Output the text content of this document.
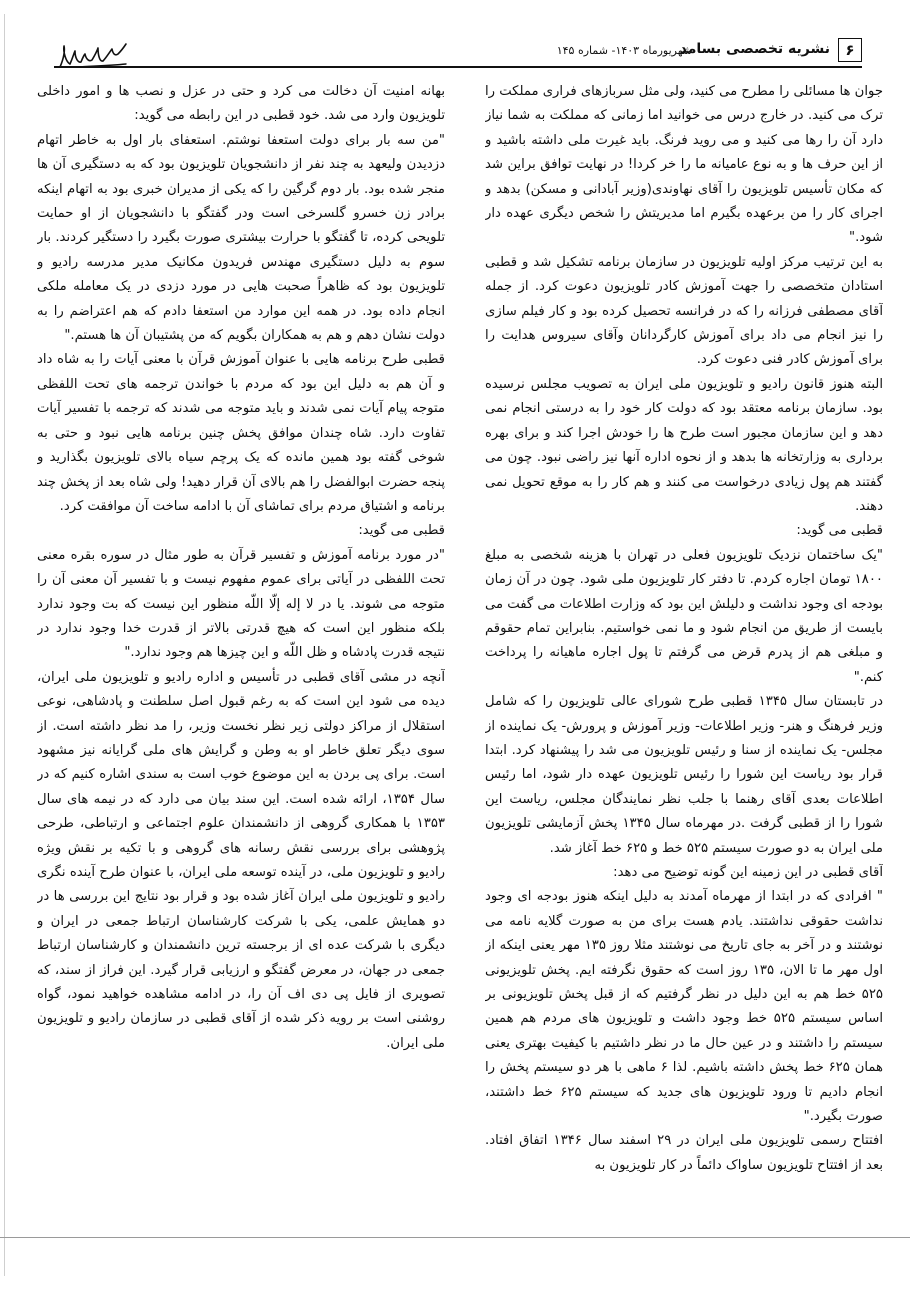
۶
نشریه تخصصی بسامد
شهریورماه ۱۴۰۳- شماره ۱۴۵
جوان ها مسائلی را مطرح می کنید، ولی مثل سربازهای فراری مملکت را ترک می کنید. در خارج درس می خوانید اما زمانی که مملکت به شما نیاز دارد آن را رها می کنید و می روید فرنگ. باید غیرت ملی داشته باشید و از این حرف ها و به نوع عامیانه ما را خر کردا! در نهایت توافق براین شد که مکان تأسیس تلویزیون را آقای نهاوندی(وزیر آبادانی و مسکن) بدهد و اجرای کار را من برعهده بگیرم اما مدیریتش را شخص دیگری عهده دار شود."
به این ترتیب مرکز اولیه تلویزیون در سازمان برنامه تشکیل شد و قطبی استادان متخصصی را جهت آموزش کادر تلویزیون دعوت کرد. از جمله آقای مصطفی فرزانه را که در فرانسه تحصیل کرده بود و کار فیلم سازی را نیز انجام می داد برای آموزش کارگردانان وآقای سیروس هدایت را برای آموزش کادر فنی دعوت کرد.
البته هنوز قانون رادیو و تلویزیون ملی ایران به تصویب مجلس نرسیده بود. سازمان برنامه معتقد بود که دولت کار خود را به درستی انجام نمی دهد و این سازمان مجبور است طرح ها را خودش اجرا کند و برای بهره برداری به وزارتخانه ها بدهد و از نحوه اداره آنها نیز راضی نبود. چون می گفتند هم پول زیادی درخواست می کنند و هم کار را به موقع تحویل نمی دهند.
قطبی می گوید:
"یک ساختمان نزدیک تلویزیون فعلی در تهران با هزینه شخصی به مبلغ ۱۸۰۰ تومان اجاره کردم. تا دفتر کار تلویزیون ملی شود. چون در آن زمان بودجه ای وجود نداشت و دلیلش این بود که وزارت اطلاعات می گفت می بایست از طریق من انجام شود و ما نمی خواستیم. بنابراین تمام حقوقم و مبلغی هم از پدرم قرض می گرفتم تا پول اجاره ماهیانه را پرداخت کنم."
در تابستان سال ۱۳۴۵ قطبی طرح شورای عالی تلویزیون را که شامل وزیر فرهنگ و هنر- وزیر اطلاعات- وزیر آموزش و پرورش- یک نماینده از مجلس- یک نماینده از سنا و رئیس تلویزیون می شد را پیشنهاد کرد. ابتدا قرار بود ریاست این شورا را رئیس تلویزیون عهده دار شود، اما رئیس اطلاعات بعدی آقای رهنما با جلب نظر نمایندگان مجلس، ریاست این شورا را از قطبی گرفت .در مهرماه سال ۱۳۴۵ پخش آزمایشی تلویزیون ملی ایران به دو صورت سیستم ۵۲۵ خط و ۶۲۵ خط آغاز شد.
آقای قطبی در این زمینه این گونه توضیح می دهد:
" افرادی که در ابتدا از مهرماه آمدند به دلیل اینکه هنوز بودجه ای وجود نداشت حقوقی نداشتند. یادم هست برای من به صورت گلایه نامه می نوشتند و در آخر به جای تاریخ می نوشتند مثلا روز ۱۳۵ مهر یعنی اینکه از اول مهر ما تا الان، ۱۳۵ روز است که حقوق نگرفته ایم. پخش تلویزیونی ۵۲۵ خط هم به این دلیل در نظر گرفتیم که از قبل پخش تلویزیونی بر اساس سیستم ۵۲۵ خط وجود داشت و تلویزیون های مردم هم همین سیستم را داشتند و در عین حال ما در نظر داشتیم با کیفیت بهتری یعنی همان ۶۲۵ خط پخش داشته باشیم. لذا ۶ ماهی با هر دو سیستم پخش را انجام دادیم تا ورود تلویزیون های جدید که سیستم ۶۲۵ خط داشتند، صورت بگیرد."
افتتاح رسمی تلویزیون ملی ایران در ۲۹ اسفند سال ۱۳۴۶ اتفاق افتاد. بعد از افتتاح تلویزیون ساواک دائماً در کار تلویزیون به
بهانه امنیت آن دخالت می کرد و حتی در عزل و نصب ها و امور داخلی تلویزیون وارد می شد. خود قطبی در این رابطه می گوید:
"من سه بار برای دولت استعفا نوشتم. استعفای بار اول به خاطر اتهام دزدیدن ولیعهد به چند نفر از دانشجویان تلویزیون بود که به دستگیری آن ها منجر شده بود. بار دوم گرگین را که یکی از مدیران خبری بود به اتهام اینکه برادر زن خسرو گلسرخی است ودر گفتگو با دانشجویان از او حمایت تلویحی کرده، تا گفتگو با حرارت بیشتری صورت بگیرد را دستگیر کردند. بار سوم به دلیل دستگیری مهندس فریدون مکانیک مدیر مدرسه رادیو و تلویزیون بود که ظاهراً صحبت هایی در مورد دزدی در یک معامله ملکی انجام داده بود. در همه این موارد من استعفا دادم که هم اعتراضم را به دولت نشان دهم و هم به همکاران بگویم که من پشتیبان آن ها هستم."
قطبی طرح برنامه هایی با عنوان آموزش قرآن با معنی آیات را به شاه داد و آن هم به دلیل این بود که مردم با خواندن ترجمه های تحت اللفظی متوجه پیام آیات نمی شدند و باید متوجه می شدند که ترجمه با تفسیر آیات تفاوت دارد. شاه چندان موافق پخش چنین برنامه هایی نبود و حتی به شوخی گفته بود همین مانده که یک پرچم سیاه بالای تلویزیون بگذارید و پنجه حضرت ابوالفضل را هم بالای آن قرار دهید! ولی شاه بعد از پخش چند برنامه و اشتیاق مردم برای تماشای آن با ادامه ساخت آن موافقت کرد.
قطبی می گوید:
"در مورد برنامه آموزش و تفسیر قرآن به طور مثال در سوره بقره معنی تحت اللفظی در آیاتی برای عموم مفهوم نیست و با تفسیر آن معنی آن را متوجه می شوند. یا در لا إله إلّا اللّه منظور این نیست که بت وجود ندارد بلکه منظور این است که هیچ قدرتی بالاتر از قدرت خدا وجود ندارد در نتیجه قدرت پادشاه و ظل اللّه و این چیزها هم وجود ندارد."
آنچه در مشی آقای قطبی در تأسیس و اداره رادیو و تلویزیون ملی ایران، دیده می شود این است که به رغم قبول اصل سلطنت و پادشاهی، نوعی استقلال از مراکز دولتی زیر نظر نخست وزیر، را مد نظر داشته است. از سوی دیگر تعلق خاطر او به وطن و گرایش های ملی گرایانه نیز مشهود است. برای پی بردن به این موضوع خوب است به سندی اشاره کنیم که در سال ۱۳۵۴، ارائه شده است. این سند بیان می دارد که در نیمه های سال ۱۳۵۳ با همکاری گروهی از دانشمندان علوم اجتماعی و ارتباطی، طرحی پژوهشی برای بررسی نقش رسانه های گروهی و با تکیه بر نقش ویژه رادیو و تلویزیون ملی، در آینده توسعه ملی ایران، با عنوان طرح آینده نگری رادیو و تلویزیون ملی ایران آغاز شده بود و قرار بود نتایج این بررسی ها در دو همایش علمی، یکی با شرکت کارشناسان ارتباط جمعی در ایران و دیگری با شرکت عده ای از برجسته ترین دانشمندان و کارشناسان ارتباط جمعی در جهان، در معرض گفتگو و ارزیابی قرار گیرد. این فراز از سند، که تصویری از فایل پی دی اف آن را، در ادامه مشاهده خواهید نمود، گواه روشنی است بر رویه ذکر شده از آقای قطبی در سازمان رادیو و تلویزیون ملی ایران.
